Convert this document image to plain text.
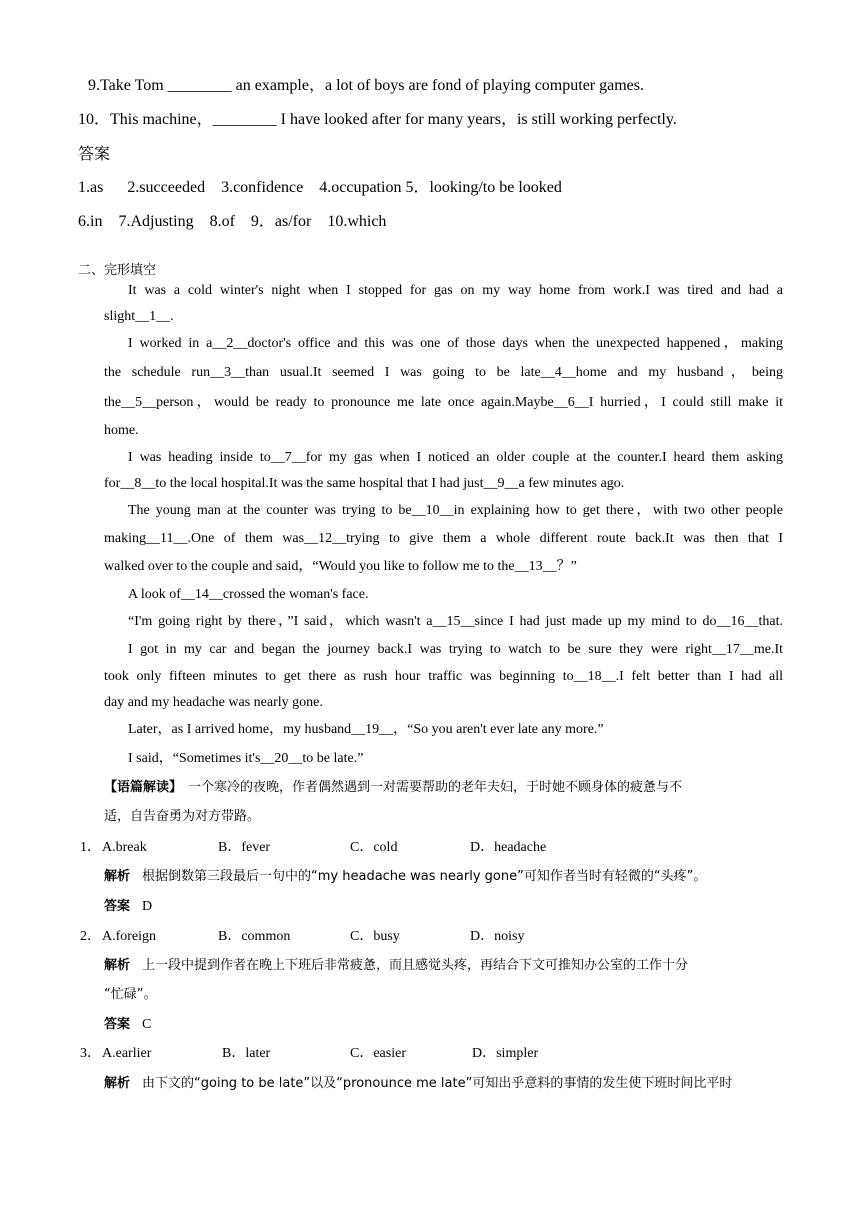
9.Take Tom ________ an example，a lot of boys are fond of playing computer games.
10．This machine，________ I have looked after for many years，is still working perfectly.
答案
1.as      2.succeeded    3.confidence    4.occupation 5．looking/to be looked
6.in    7.Adjusting    8.of    9．as/for    10.which
二、完形填空
It was a cold winter's night when I stopped for gas on my way home from work.I was tired and had a
slight__1__.
I worked in a__2__doctor's office and this was one of those days when the unexpected happened，making
the schedule run__3__than usual.It seemed I was going to be late__4__home and my husband，being
the__5__person，would be ready to pronounce me late once again.Maybe__6__I hurried，I could still make it
home.
I was heading inside to__7__for my gas when I noticed an older couple at the counter.I heard them asking
for__8__to the local hospital.It was the same hospital that I had just__9__a few minutes ago.
The young man at the counter was trying to be__10__in explaining how to get there，with two other people
making__11__.One of them was__12__trying to give them a whole different route back.It was then that I
walked over to the couple and said，“Would you like to follow me to the__13__？”
A look of__14__crossed the woman's face.
“I'm going right by there，”I said，which wasn't a__15__since I had just made up my mind to do__16__that.
I got in my car and began the journey back.I was trying to watch to be sure they were right__17__me.It
took only fifteen minutes to get there as rush hour traffic was beginning to__18__.I felt better than I had all
day and my headache was nearly gone.
Later，as I arrived home，my husband__19__，“So you aren't ever late any more.”
I said，“Sometimes it's__20__to be late.”
【语篇解读】 一个寒冷的夜晚，作者偶然遇到一对需要帮助的老年夫妇，于时她不顾身体的疲惫与不
适，自告奋勇为对方带路。
1． A.break	B．fever	C．cold	D．headache
解析 根据倒数第三段最后一句中的“my headache was nearly gone”可知作者当时有轻微的“头疼”。
答案 D
2． A.foreign	B．common	C．busy	D．noisy
解析 上一段中提到作者在晚上下班后非常疲惫，而且感觉头疼，再结合下文可推知办公室的工作十分
“忙碌”。
答案 C
3． A.earlier	B．later	C．easier	D．simpler
解析 由下文的“going to be late”以及“pronounce me late”可知出乎意料的事情的发生使下班时间比平时
